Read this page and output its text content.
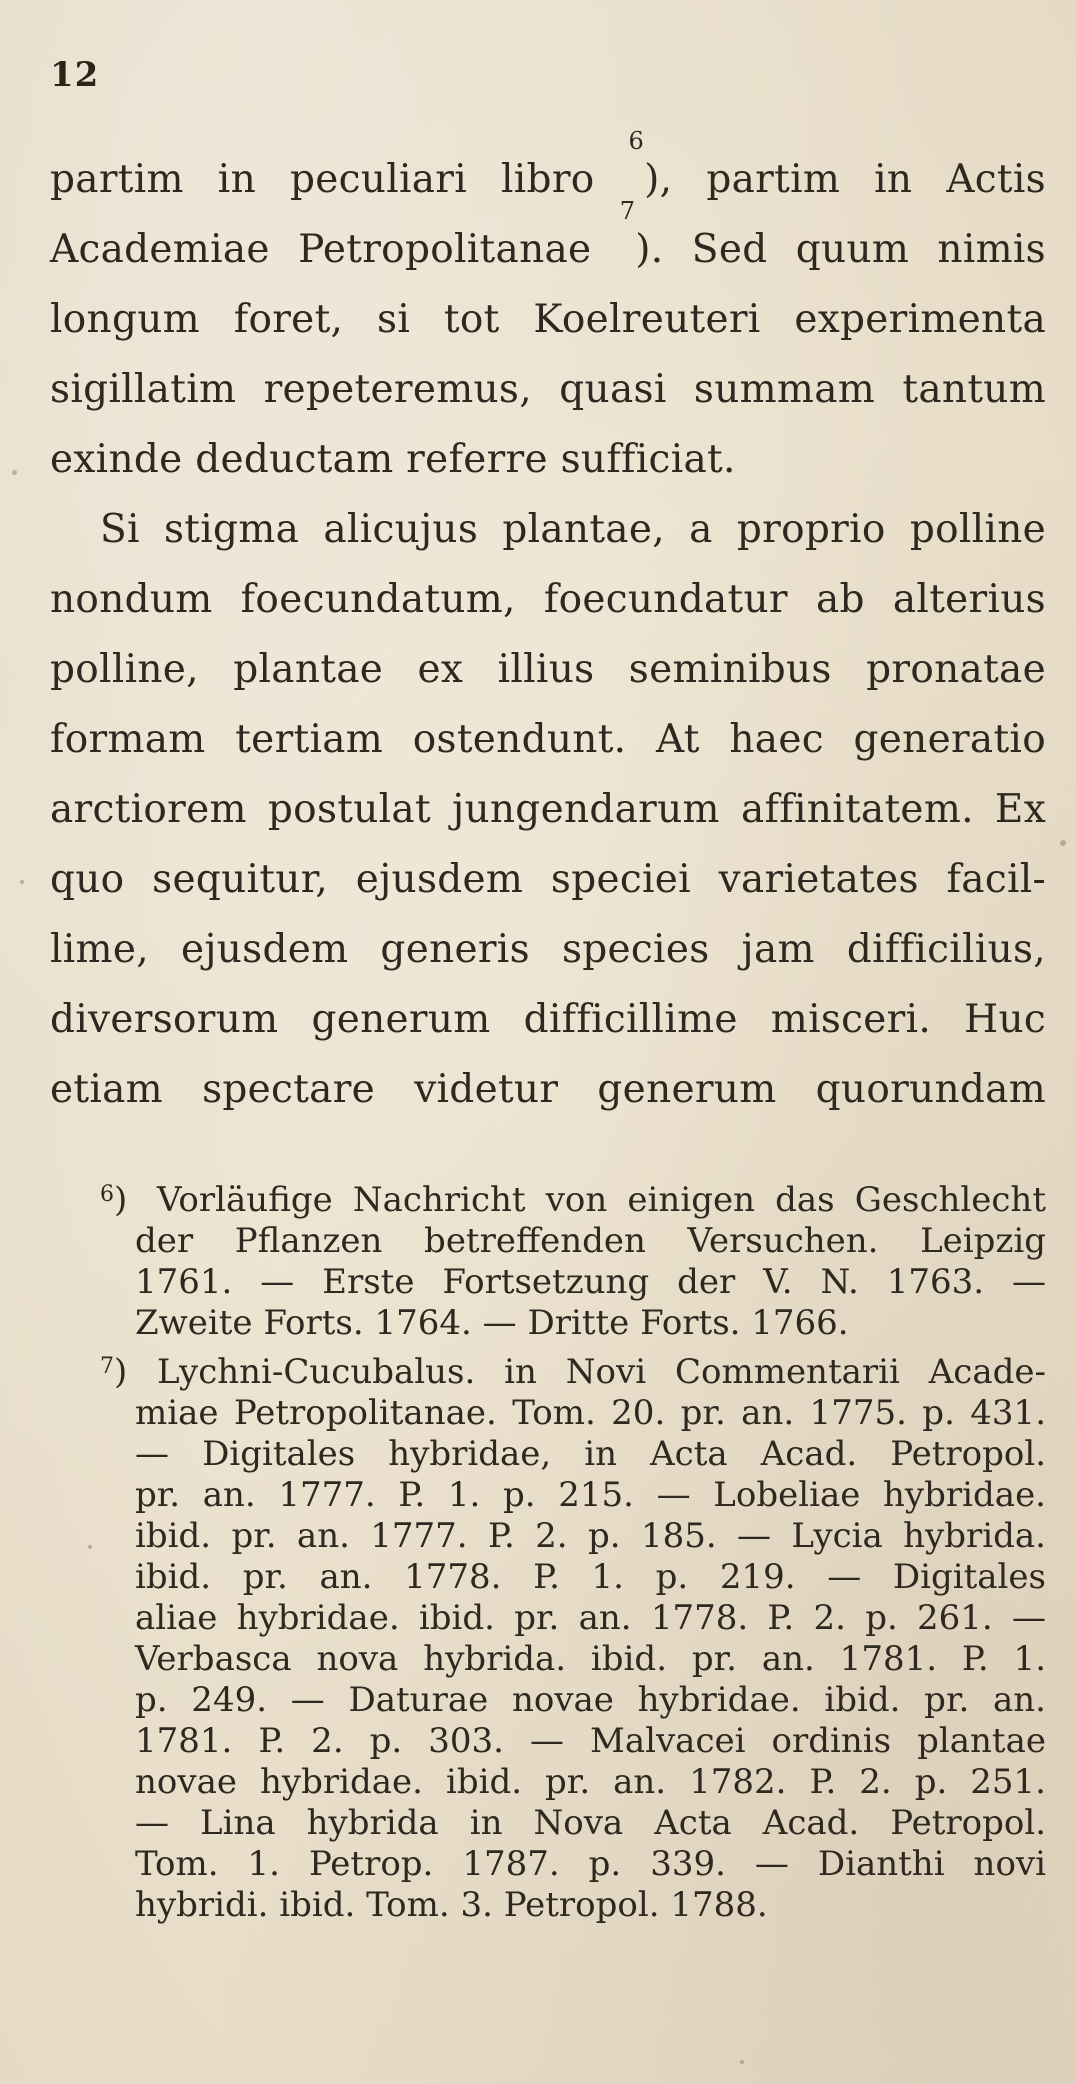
12
partim in peculiari libro $^6$), partim in Actis
Academiae Petropolitanae $^7$). Sed quum nimis
longum foret, si tot Koelreuteri experimenta
sigillatim repeteremus, quasi summam tantum
exinde deductam referre sufficiat.
Si stigma alicujus plantae, a proprio polline
nondum foecundatum, foecundatur ab alterius
polline, plantae ex illius seminibus pronatae
formam tertiam ostendunt. At haec generatio
arctiorem postulat jungendarum affinitatem. Ex
quo sequitur, ejusdem speciei varietates facil-
lime, ejusdem generis species jam difficilius,
diversorum generum difficillime misceri. Huc
etiam spectare videtur generum quorundam
$^6$) Vorläufige Nachricht von einigen das Geschlecht
der Pflanzen betreffenden Versuchen. Leipzig
1761. — Erste Fortsetzung der V. N. 1763. —
Zweite Forts. 1764. — Dritte Forts. 1766.
$^7$) Lychni-Cucubalus. in Novi Commentarii Acade-
miae Petropolitanae. Tom. 20. pr. an. 1775. p. 431.
— Digitales hybridae, in Acta Acad. Petropol.
pr. an. 1777. P. 1. p. 215. — Lobeliae hybridae.
ibid. pr. an. 1777. P. 2. p. 185. — Lycia hybrida.
ibid. pr. an. 1778. P. 1. p. 219. — Digitales
aliae hybridae. ibid. pr. an. 1778. P. 2. p. 261. —
Verbasca nova hybrida. ibid. pr. an. 1781. P. 1.
p. 249. — Daturae novae hybridae. ibid. pr. an.
1781. P. 2. p. 303. — Malvacei ordinis plantae
novae hybridae. ibid. pr. an. 1782. P. 2. p. 251.
— Lina hybrida in Nova Acta Acad. Petropol.
Tom. 1. Petrop. 1787. p. 339. — Dianthi novi
hybridi. ibid. Tom. 3. Petropol. 1788.
